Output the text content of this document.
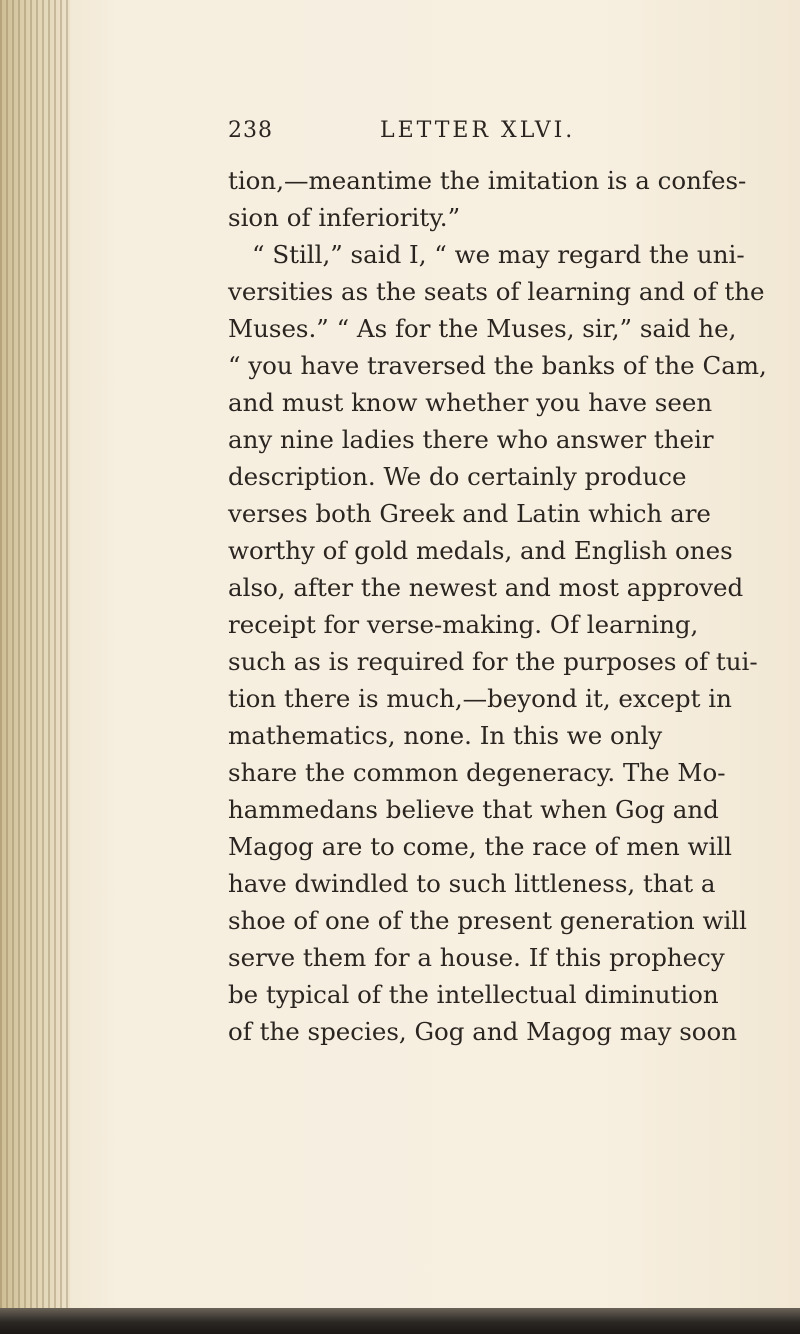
238	LETTER XLVI.
tion,—meantime the imitation is a confes-
sion of inferiority.”
“ Still,” said I, “ we may regard the uni-
versities as the seats of learning and of the
Muses.” “ As for the Muses, sir,” said he,
“ you have traversed the banks of the Cam,
and must know whether you have seen
any nine ladies there who answer their
description. We do certainly produce
verses both Greek and Latin which are
worthy of gold medals, and English ones
also, after the newest and most approved
receipt for verse-making. Of learning,
such as is required for the purposes of tui-
tion there is much,—beyond it, except in
mathematics, none. In this we only
share the common degeneracy. The Mo-
hammedans believe that when Gog and
Magog are to come, the race of men will
have dwindled to such littleness, that a
shoe of one of the present generation will
serve them for a house. If this prophecy
be typical of the intellectual diminution
of the species, Gog and Magog may soon
